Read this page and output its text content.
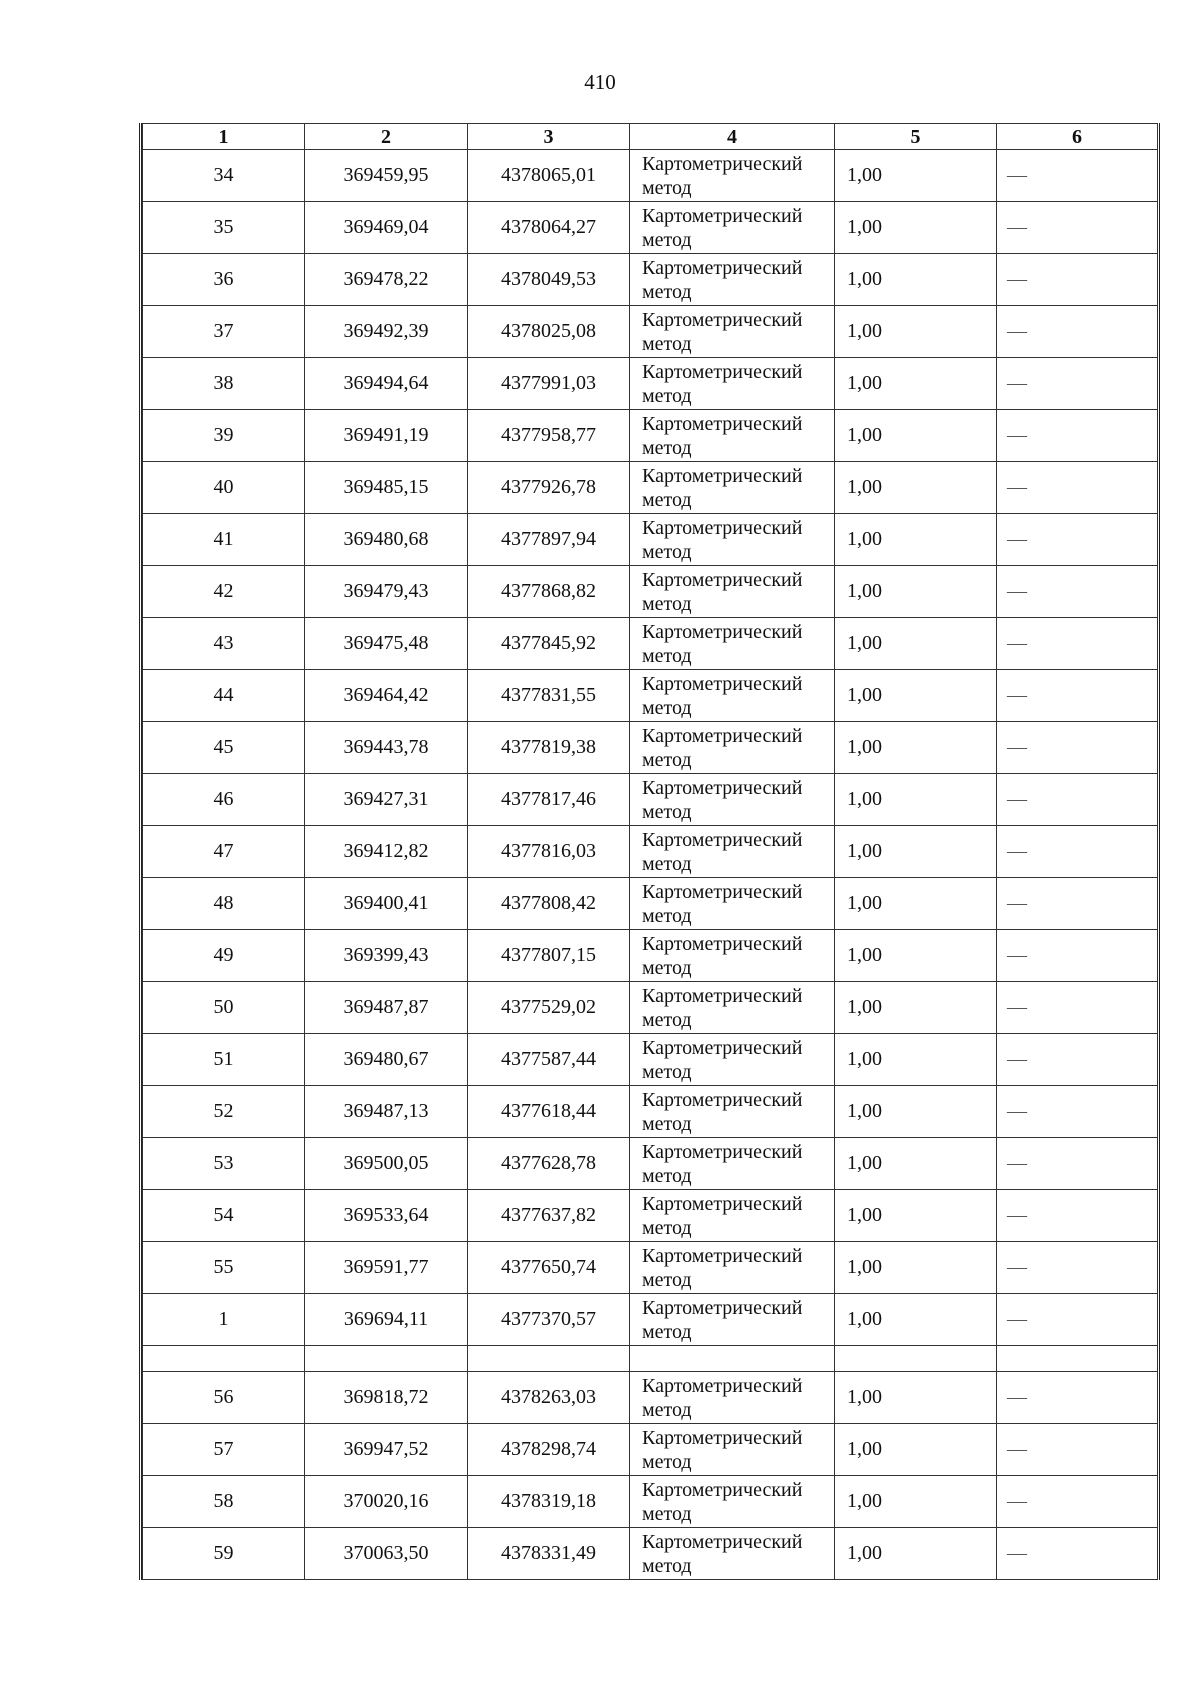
410
1	2	3	4	5	6
34	369459,95	4378065,01	Картометрический метод	1,00	—
35	369469,04	4378064,27	Картометрический метод	1,00	—
36	369478,22	4378049,53	Картометрический метод	1,00	—
37	369492,39	4378025,08	Картометрический метод	1,00	—
38	369494,64	4377991,03	Картометрический метод	1,00	—
39	369491,19	4377958,77	Картометрический метод	1,00	—
40	369485,15	4377926,78	Картометрический метод	1,00	—
41	369480,68	4377897,94	Картометрический метод	1,00	—
42	369479,43	4377868,82	Картометрический метод	1,00	—
43	369475,48	4377845,92	Картометрический метод	1,00	—
44	369464,42	4377831,55	Картометрический метод	1,00	—
45	369443,78	4377819,38	Картометрический метод	1,00	—
46	369427,31	4377817,46	Картометрический метод	1,00	—
47	369412,82	4377816,03	Картометрический метод	1,00	—
48	369400,41	4377808,42	Картометрический метод	1,00	—
49	369399,43	4377807,15	Картометрический метод	1,00	—
50	369487,87	4377529,02	Картометрический метод	1,00	—
51	369480,67	4377587,44	Картометрический метод	1,00	—
52	369487,13	4377618,44	Картометрический метод	1,00	—
53	369500,05	4377628,78	Картометрический метод	1,00	—
54	369533,64	4377637,82	Картометрический метод	1,00	—
55	369591,77	4377650,74	Картометрический метод	1,00	—
1	369694,11	4377370,57	Картометрический метод	1,00	—

56	369818,72	4378263,03	Картометрический метод	1,00	—
57	369947,52	4378298,74	Картометрический метод	1,00	—
58	370020,16	4378319,18	Картометрический метод	1,00	—
59	370063,50	4378331,49	Картометрический метод	1,00	—
